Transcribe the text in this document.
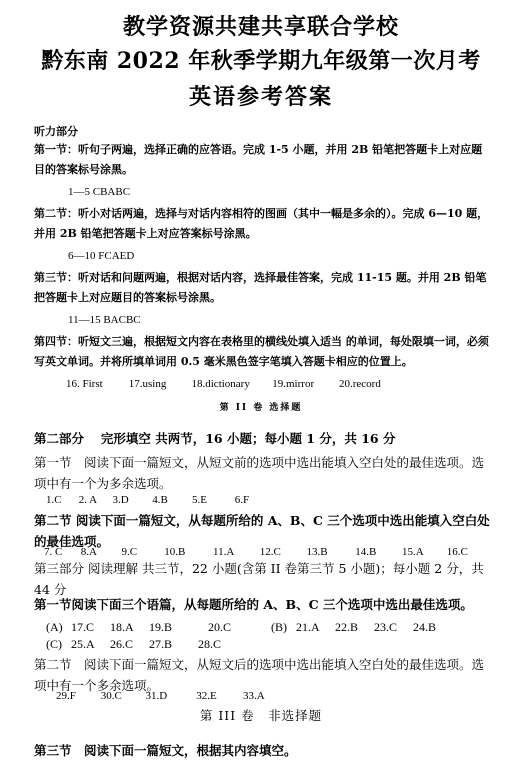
教学资源共建共享联合学校
黔东南 2022 年秋季学期九年级第一次月考
英语参考答案
听力部分
第一节：听句子两遍，选择正确的应答语。完成 1-5 小题，并用 2B 铅笔把答题卡上对应题目的答案标号涂黑。
1—5 CBABC
第二节：听小对话两遍，选择与对话内容相符的图画（其中一幅是多余的）。完成 6—10 题，并用 2B 铅笔把答题卡上对应答案标号涂黑。
6—10 FCAED
第三节：听对话和问题两遍，根据对话内容，选择最佳答案，完成 11-15 题。并用 2B 铅笔把答题卡上对应题目的答案标号涂黑。
11—15 BACBC
第四节：听短文三遍，根据短文内容在表格里的横线处填入适当 的单词，每处限填一词，必须写英文单词。并将所填单词用 0.5 毫米黑色签字笔填入答题卡相应的位置上。
16. First 17.using 18.dictionary 19.mirror 20.record
第 II 卷 选择题
第二部分　 完形填空 共两节，16 小题；每小题 1 分，共 16 分
第一节　阅读下面一篇短文，从短文前的选项中选出能填入空白处的最佳选项。选项中有一个为多余选项。
1.C 2. A 3.D 4.B 5.E	6.F
第二节 阅读下面一篇短文，从每题所给的 A、B、C 三个选项中选出能填入空白处的最佳选项。
7. C 8.A 9.C 10.B	11.A 12.C 13.B	14.B 15.A 16.C
第三部分 阅读理解 共三节，22 小题(含第 II 卷第三节 5 小题)；每小题 2 分，共 44 分
第一节阅读下面三个语篇，从每题所给的 A、B、C 三个选项中选出最佳选项。
(A) 17.C 18.A 19.B	20.C	(B) 21.A 22.B 23.C 24.B
(C) 25.A 26.C 27.B 28.C
第二节　阅读下面一篇短文，从短文后的选项中选出能填入空白处的最佳选项。选项中有一个多余选项。
29.F 30.C 31.D	32.E 33.A
第 III 卷　非选择题
第三节　阅读下面一篇短文，根据其内容填空。
